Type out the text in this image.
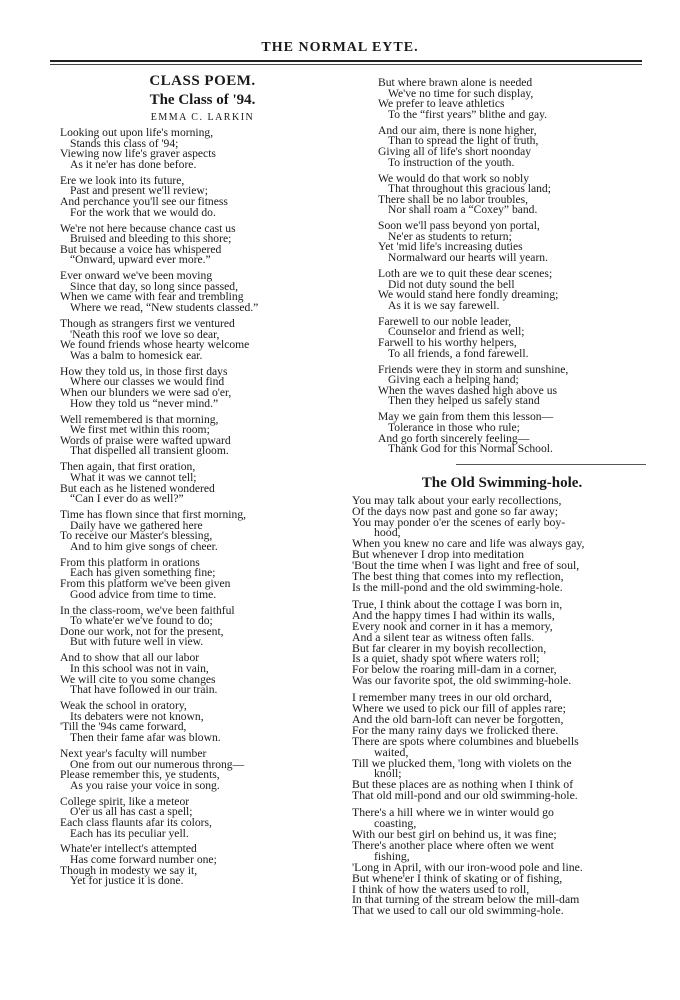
THE NORMAL EYTE.
CLASS POEM.
The Class of '94.
EMMA C. LARKIN
Looking out upon life's morning,
Stands this class of '94;
Viewing now life's graver aspects
As it ne'er has done before.
Ere we look into its future,
Past and present we'll review;
And perchance you'll see our fitness
For the work that we would do.
We're not here because chance cast us
Bruised and bleeding to this shore;
But because a voice has whispered
“Onward, upward ever more.”
Ever onward we've been moving
Since that day, so long since passed,
When we came with fear and trembling
Where we read, “New students classed.”
Though as strangers first we ventured
'Neath this roof we love so dear,
We found friends whose hearty welcome
Was a balm to homesick ear.
How they told us, in those first days
Where our classes we would find
When our blunders we were sad o'er,
How they told us “never mind.”
Well remembered is that morning,
We first met within this room;
Words of praise were wafted upward
That dispelled all transient gloom.
Then again, that first oration,
What it was we cannot tell;
But each as he listened wondered
“Can I ever do as well?”
Time has flown since that first morning,
Daily have we gathered here
To receive our Master's blessing,
And to him give songs of cheer.
From this platform in orations
Each has given something fine;
From this platform we've been given
Good advice from time to time.
In the class-room, we've been faithful
To whate'er we've found to do;
Done our work, not for the present,
But with future well in view.
And to show that all our labor
In this school was not in vain,
We will cite to you some changes
That have followed in our train.
Weak the school in oratory,
Its debaters were not known,
'Till the '94s came forward,
Then their fame afar was blown.
Next year's faculty will number
One from out our numerous throng—
Please remember this, ye students,
As you raise your voice in song.
College spirit, like a meteor
O'er us all has cast a spell;
Each class flaunts afar its colors,
Each has its peculiar yell.
Whate'er intellect's attempted
Has come forward number one;
Though in modesty we say it,
Yet for justice it is done.
But where brawn alone is needed
We've no time for such display,
We prefer to leave athletics
To the “first years” blithe and gay.
And our aim, there is none higher,
Than to spread the light of truth,
Giving all of life's short noonday
To instruction of the youth.
We would do that work so nobly
That throughout this gracious land;
There shall be no labor troubles,
Nor shall roam a “Coxey” band.
Soon we'll pass beyond yon portal,
Ne'er as students to return;
Yet 'mid life's increasing duties
Normalward our hearts will yearn.
Loth are we to quit these dear scenes;
Did not duty sound the bell
We would stand here fondly dreaming;
As it is we say farewell.
Farewell to our noble leader,
Counselor and friend as well;
Farwell to his worthy helpers,
To all friends, a fond farewell.
Friends were they in storm and sunshine,
Giving each a helping hand;
When the waves dashed high above us
Then they helped us safely stand
May we gain from them this lesson—
Tolerance in those who rule;
And go forth sincerely feeling—
Thank God for this Normal School.
The Old Swimming-hole.
You may talk about your early recollections,
Of the days now past and gone so far away;
You may ponder o'er the scenes of early boy-
hood,
When you knew no care and life was always gay,
But whenever I drop into meditation
'Bout the time when I was light and free of soul,
The best thing that comes into my reflection,
Is the mill-pond and the old swimming-hole.
True, I think about the cottage I was born in,
And the happy times I had within its walls,
Every nook and corner in it has a memory,
And a silent tear as witness often falls.
But far clearer in my boyish recollection,
Is a quiet, shady spot where waters roll;
For below the roaring mill-dam in a corner,
Was our favorite spot, the old swimming-hole.
I remember many trees in our old orchard,
Where we used to pick our fill of apples rare;
And the old barn-loft can never be forgotten,
For the many rainy days we frolicked there.
There are spots where columbines and bluebells
waited,
Till we plucked them, 'long with violets on the
knoll;
But these places are as nothing when I think of
That old mill-pond and our old swimming-hole.
There's a hill where we in winter would go
coasting,
With our best girl on behind us, it was fine;
There's another place where often we went
fishing,
'Long in April, with our iron-wood pole and line.
But whene'er I think of skating or of fishing,
I think of how the waters used to roll,
In that turning of the stream below the mill-dam
That we used to call our old swimming-hole.
